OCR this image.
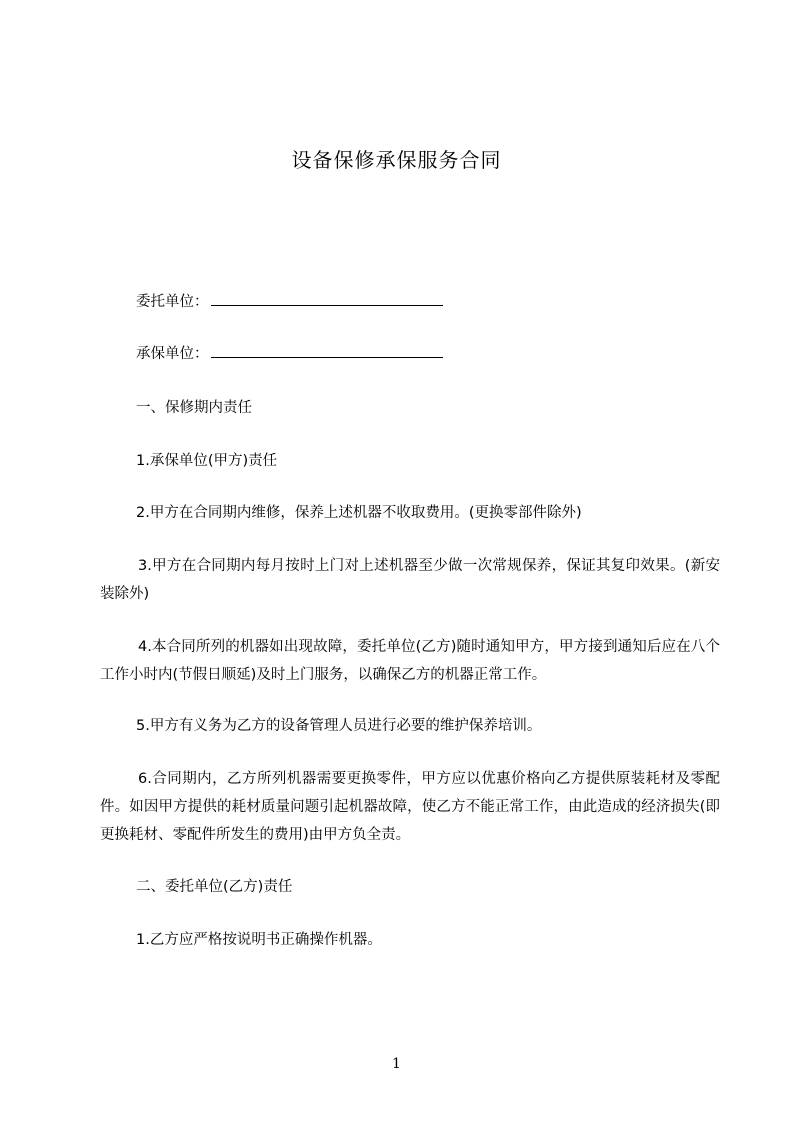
设备保修承保服务合同
委托单位：
承保单位：
一、保修期内责任
1.承保单位(甲方)责任
2.甲方在合同期内维修，保养上述机器不收取费用。(更换零部件除外)
3.甲方在合同期内每月按时上门对上述机器至少做一次常规保养，保证其复印效果。(新安装除外)
4.本合同所列的机器如出现故障，委托单位(乙方)随时通知甲方，甲方接到通知后应在八个工作小时内(节假日顺延)及时上门服务，以确保乙方的机器正常工作。
5.甲方有义务为乙方的设备管理人员进行必要的维护保养培训。
6.合同期内，乙方所列机器需要更换零件，甲方应以优惠价格向乙方提供原装耗材及零配件。如因甲方提供的耗材质量问题引起机器故障，使乙方不能正常工作，由此造成的经济损失(即更换耗材、零配件所发生的费用)由甲方负全责。
二、委托单位(乙方)责任
1.乙方应严格按说明书正确操作机器。
1
